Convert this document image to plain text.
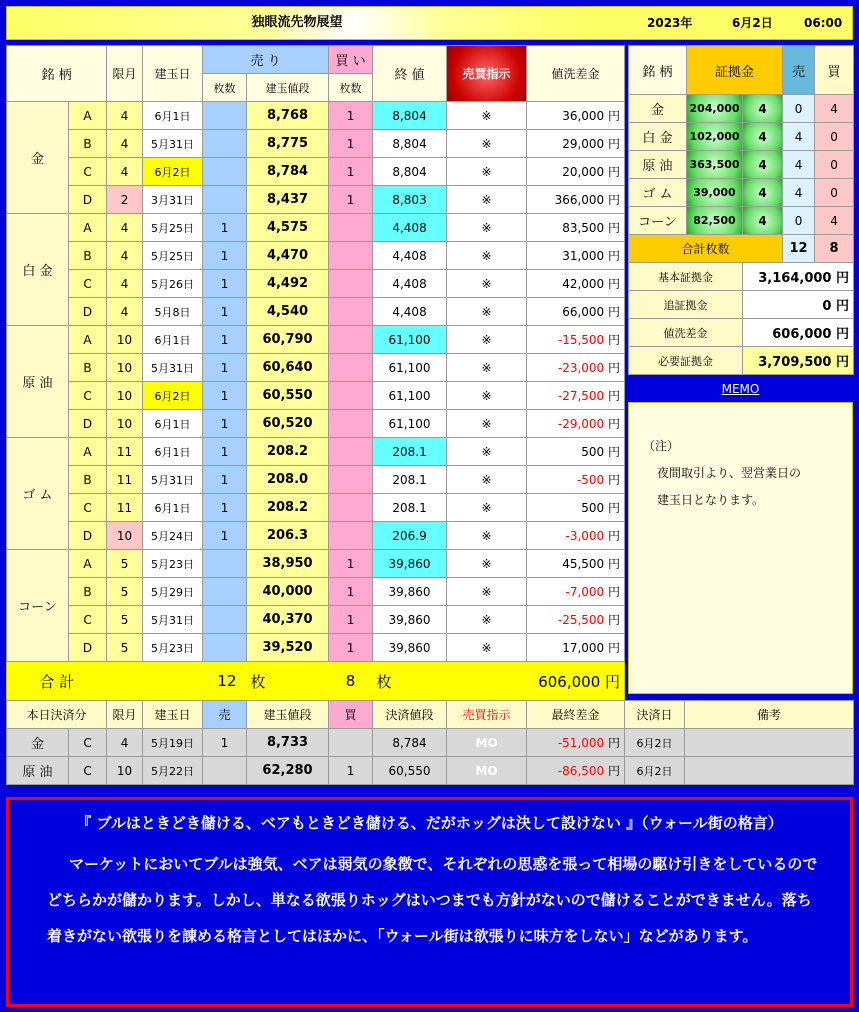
独眼流先物展望	2023年	6月2日	06:00
銘 柄		限月	建玉日	売 り		買 い	終 値	売買指示	値洗差金
				枚数	建玉値段	枚数			
金	A	4	6月1日		8,768	1	8,804	※	36,000 円
	B	4	5月31日		8,775	1	8,804	※	29,000 円
	C	4	6月2日		8,784	1	8,804	※	20,000 円
	D	2	3月31日		8,437	1	8,803	※	366,000 円
白 金	A	4	5月25日	1	4,575		4,408	※	83,500 円
	B	4	5月25日	1	4,470		4,408	※	31,000 円
	C	4	5月26日	1	4,492		4,408	※	42,000 円
	D	4	5月8日	1	4,540		4,408	※	66,000 円
原 油	A	10	6月1日	1	60,790		61,100	※	-15,500 円
	B	10	5月31日	1	60,640		61,100	※	-23,000 円
	C	10	6月2日	1	60,550		61,100	※	-27,500 円
	D	10	6月1日	1	60,520		61,100	※	-29,000 円
ゴ ム	A	11	6月1日	1	208.2		208.1	※	500 円
	B	11	5月31日	1	208.0		208.1	※	-500 円
	C	11	6月1日	1	208.2		208.1	※	500 円
	D	10	5月24日	1	206.3		206.9	※	-3,000 円
コーン	A	5	5月23日		38,950	1	39,860	※	45,500 円
	B	5	5月29日		40,000	1	39,860	※	-7,000 円
	C	5	5月31日		40,370	1	39,860	※	-25,500 円
	D	5	5月23日		39,520	1	39,860	※	17,000 円
合 計		12			枚	8	枚		606,000 円
銘 柄	証拠金		売	買
金	204,000	4	0	4
白 金	102,000	4	4	0
原 油	363,500	4	4	0
ゴ ム	39,000	4	4	0
コーン	82,500	4	0	4
合計枚数			12	8
基本証拠金		3,164,000 円		
追証拠金		0 円		
値洗差金		606,000 円		
必要証拠金		3,709,500 円		
MEMO
（注）
夜間取引より、翌営業日の
建玉日となります。
本日決済分		限月	建玉日	売	建玉値段	買	決済値段	売買指示	最終差金	決済日	備考
金	C	4	5月19日	1	8,733		8,784	MO	-51,000 円	6月2日	
原 油	C	10	5月22日		62,280	1	60,550	MO	-86,500 円	6月2日	
『 ブルはときどき儲ける、ベアもときどき儲ける、だがホッグは決して設けない 』（ウォール街の格言）
マーケットにおいてブルは強気、ベアは弱気の象徴で、それぞれの思惑を張って相場の駆け引きをしているのでどちらかが儲かります。しかし、単なる欲張りホッグはいつまでも方針がないので儲けることができません。落ち着きがない欲張りを諌める格言としてはほかに、「ウォール街は欲張りに味方をしない」などがあります。
